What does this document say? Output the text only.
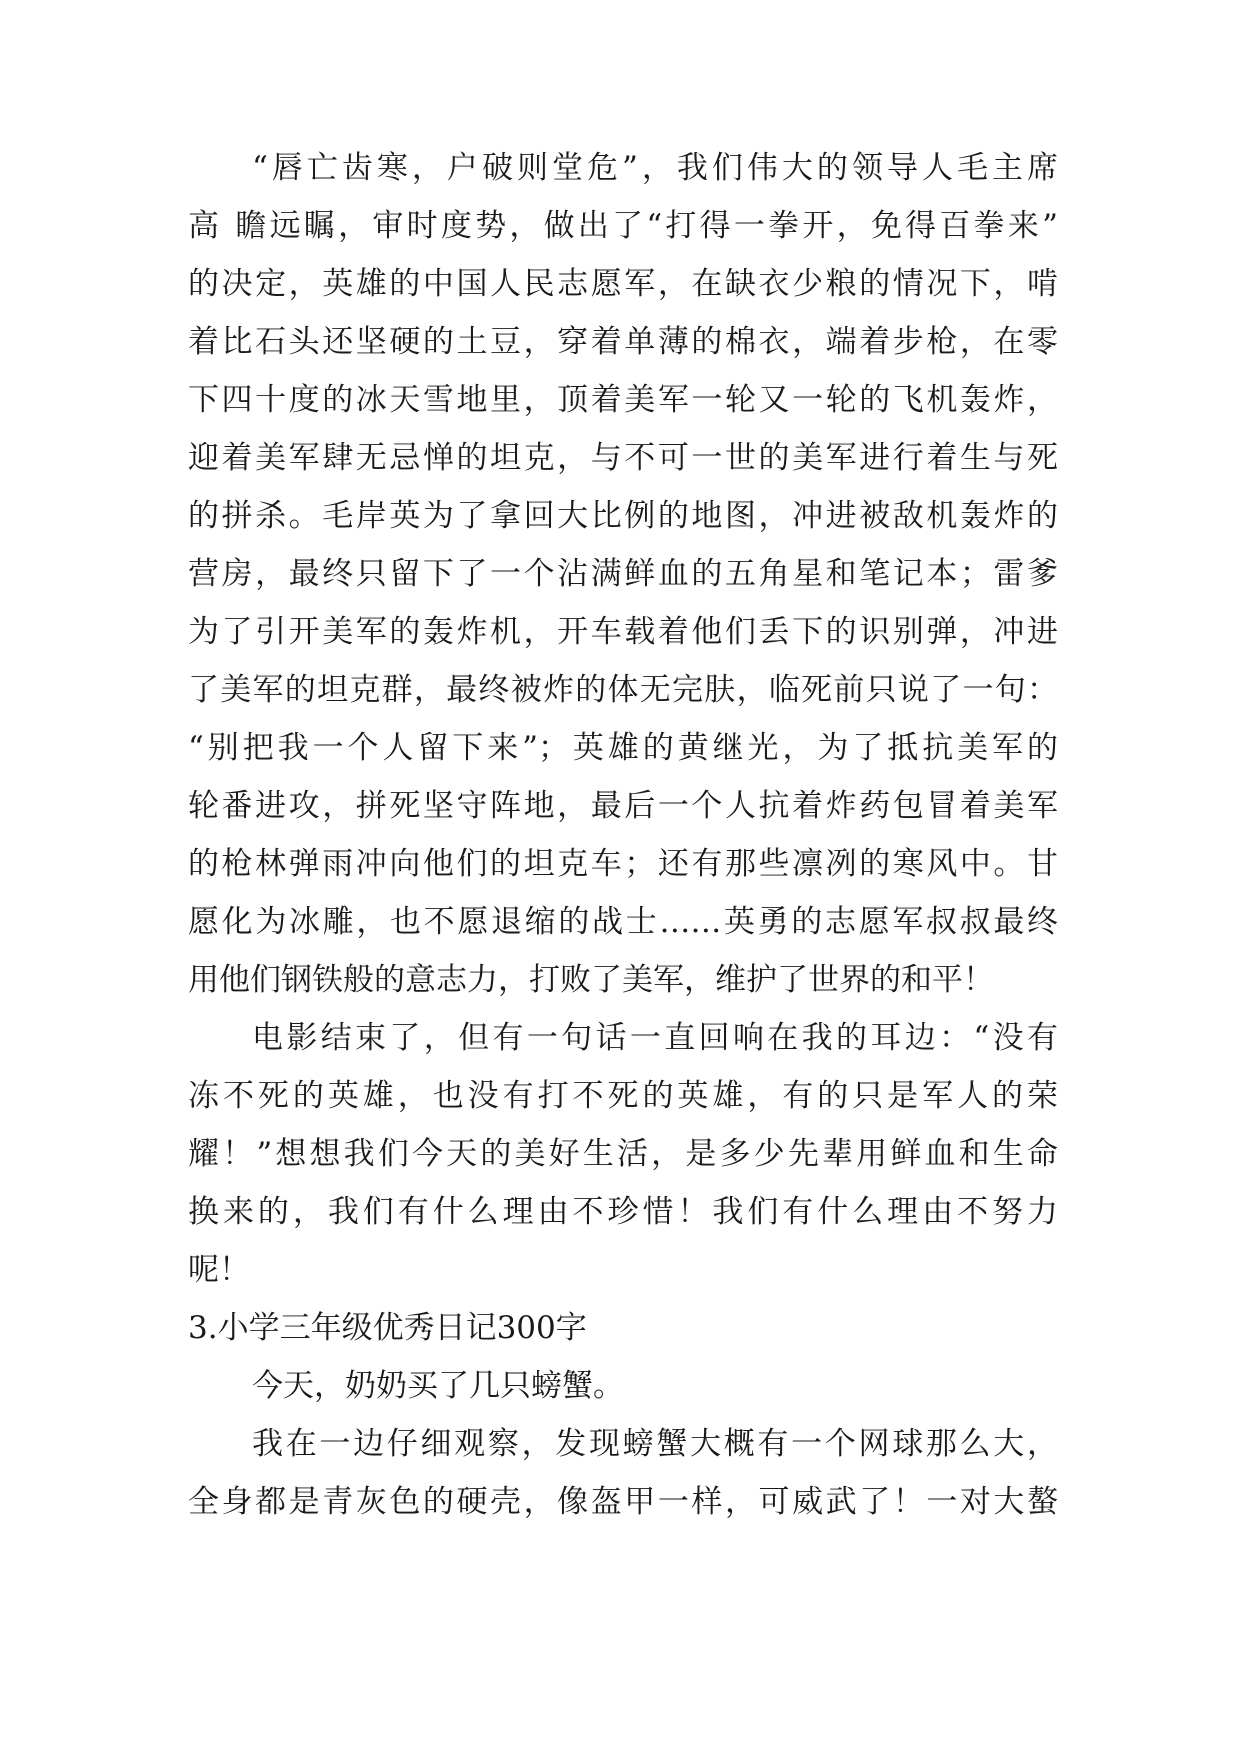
“唇亡齿寒，户破则堂危”，我们伟大的领导人毛主席
高 瞻远瞩，审时度势，做出了“打得一拳开，免得百拳来”
的决定，英雄的中国人民志愿军，在缺衣少粮的情况下，啃
着比石头还坚硬的土豆，穿着单薄的棉衣，端着步枪，在零
下四十度的冰天雪地里，顶着美军一轮又一轮的飞机轰炸，
迎着美军肆无忌惮的坦克，与不可一世的美军进行着生与死
的拼杀。毛岸英为了拿回大比例的地图，冲进被敌机轰炸的
营房，最终只留下了一个沾满鲜血的五角星和笔记本；雷爹
为了引开美军的轰炸机，开车载着他们丢下的识别弹，冲进
了美军的坦克群，最终被炸的体无完肤，临死前只说了一句：
“别把我一个人留下来”；英雄的黄继光，为了抵抗美军的
轮番进攻，拼死坚守阵地，最后一个人抗着炸药包冒着美军
的枪林弹雨冲向他们的坦克车；还有那些凛冽的寒风中。甘
愿化为冰雕，也不愿退缩的战士……英勇的志愿军叔叔最终
用他们钢铁般的意志力，打败了美军，维护了世界的和平！
电影结束了，但有一句话一直回响在我的耳边：“没有
冻不死的英雄，也没有打不死的英雄，有的只是军人的荣
耀！”想想我们今天的美好生活，是多少先辈用鲜血和生命
换来的，我们有什么理由不珍惜！我们有什么理由不努力
呢！
3.小学三年级优秀日记300字
今天，奶奶买了几只螃蟹。
我在一边仔细观察，发现螃蟹大概有一个网球那么大，
全身都是青灰色的硬壳，像盔甲一样，可威武了！一对大螯
